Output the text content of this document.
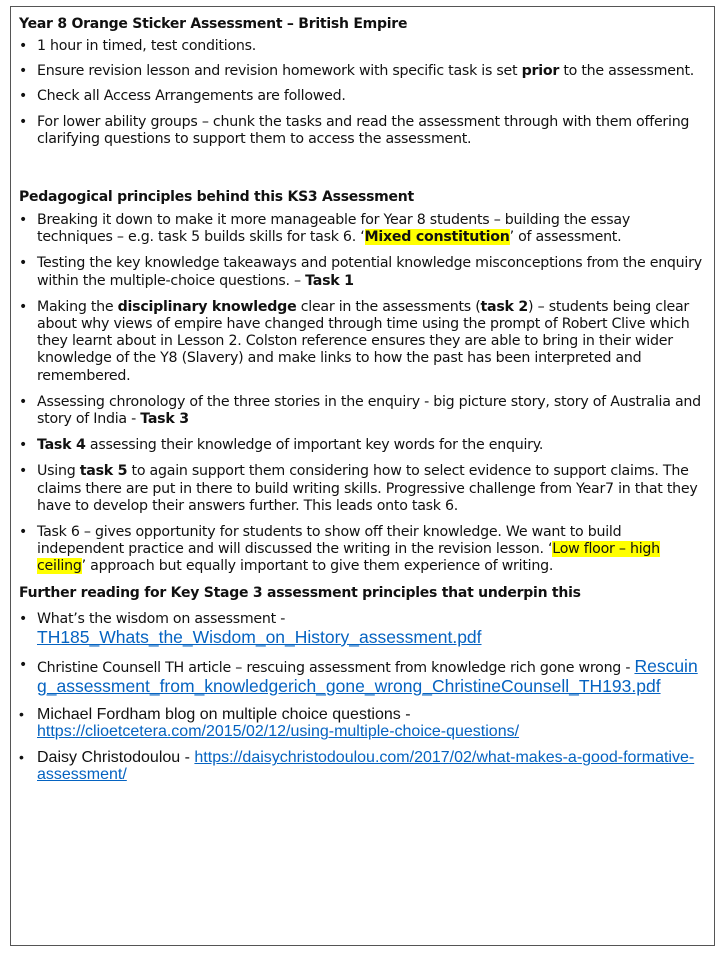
Year 8 Orange Sticker Assessment – British Empire
• 1 hour in timed, test conditions.
• Ensure revision lesson and revision homework with specific task is set prior to the assessment.
• Check all Access Arrangements are followed.
• For lower ability groups – chunk the tasks and read the assessment through with them offering clarifying questions to support them to access the assessment.
Pedagogical principles behind this KS3 Assessment
• Breaking it down to make it more manageable for Year 8 students – building the essay techniques – e.g. task 5 builds skills for task 6. ‘Mixed constitution’ of assessment.
• Testing the key knowledge takeaways and potential knowledge misconceptions from the enquiry within the multiple-choice questions. – Task 1
• Making the disciplinary knowledge clear in the assessments (task 2) – students being clear about why views of empire have changed through time using the prompt of Robert Clive which they learnt about in Lesson 2. Colston reference ensures they are able to bring in their wider knowledge of the Y8 (Slavery) and make links to how the past has been interpreted and remembered.
• Assessing chronology of the three stories in the enquiry - big picture story, story of Australia and story of India - Task 3
• Task 4 assessing their knowledge of important key words for the enquiry.
• Using task 5 to again support them considering how to select evidence to support claims. The claims there are put in there to build writing skills. Progressive challenge from Year7 in that they have to develop their answers further. This leads onto task 6.
• Task 6 – gives opportunity for students to show off their knowledge. We want to build independent practice and will discussed the writing in the revision lesson. ‘Low floor – high ceiling’ approach but equally important to give them experience of writing.
Further reading for Key Stage 3 assessment principles that underpin this
• What’s the wisdom on assessment -
TH185_Whats_the_Wisdom_on_History_assessment.pdf
• Christine Counsell TH article – rescuing assessment from knowledge rich gone wrong - Rescuing_assessment_from_knowledgerich_gone_wrong_ChristineCounsell_TH193.pdf
• Michael Fordham blog on multiple choice questions -
https://clioetcetera.com/2015/02/12/using-multiple-choice-questions/
• Daisy Christodoulou - https://daisychristodoulou.com/2017/02/what-makes-a-good-formative-assessment/
